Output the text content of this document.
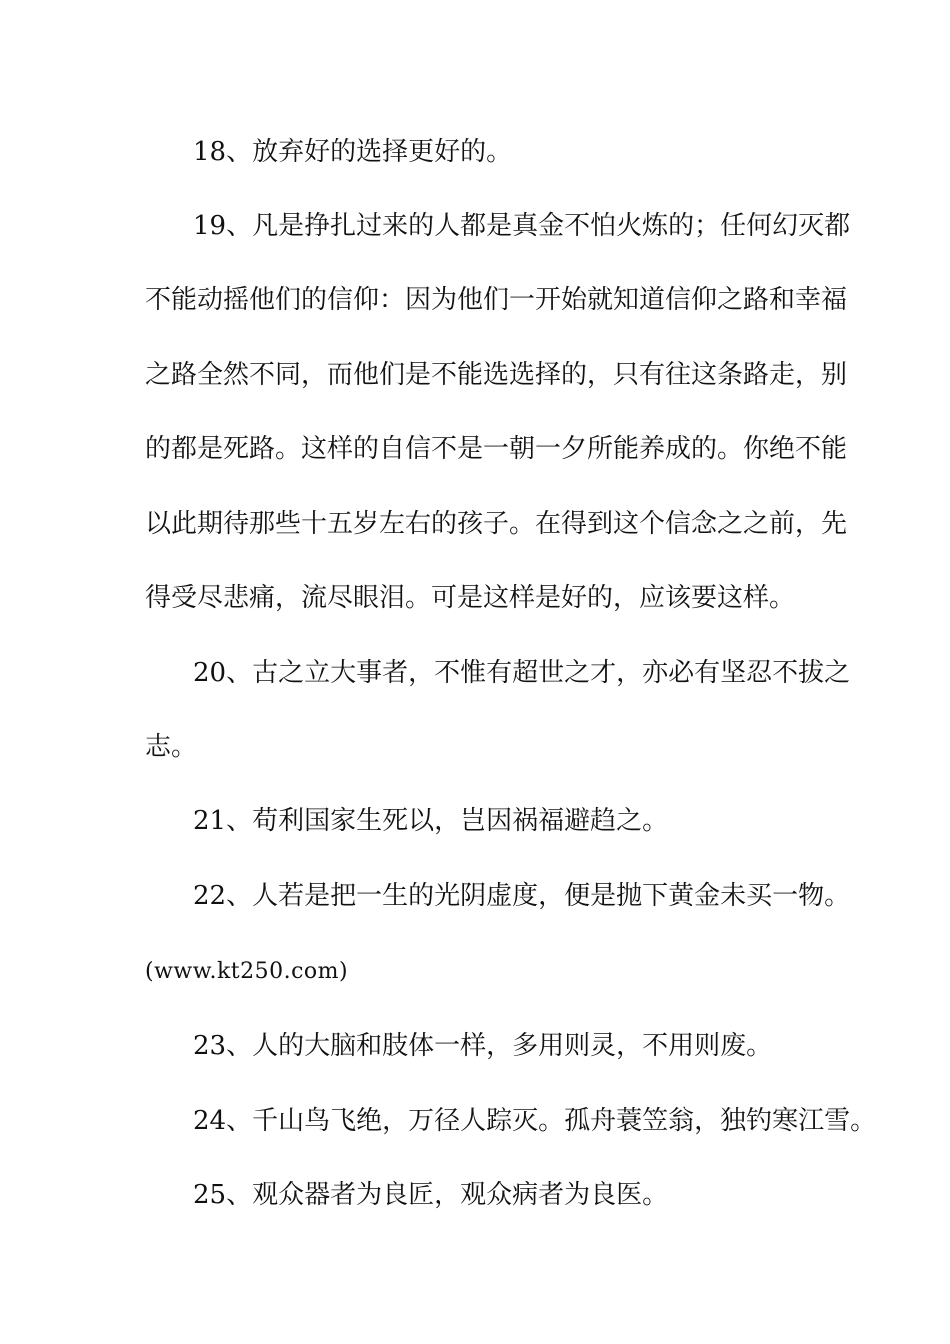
18、放弃好的选择更好的。
19、凡是挣扎过来的人都是真金不怕火炼的；任何幻灭都
不能动摇他们的信仰：因为他们一开始就知道信仰之路和幸福
之路全然不同，而他们是不能选选择的，只有往这条路走，别
的都是死路。这样的自信不是一朝一夕所能养成的。你绝不能
以此期待那些十五岁左右的孩子。在得到这个信念之之前，先
得受尽悲痛，流尽眼泪。可是这样是好的，应该要这样。
20、古之立大事者，不惟有超世之才，亦必有坚忍不拔之
志。
21、苟利国家生死以，岂因祸福避趋之。
22、人若是把一生的光阴虚度，便是抛下黄金未买一物。
(www.kt250.com)
23、人的大脑和肢体一样，多用则灵，不用则废。
24、千山鸟飞绝，万径人踪灭。孤舟蓑笠翁，独钓寒江雪。
25、观众器者为良匠，观众病者为良医。
